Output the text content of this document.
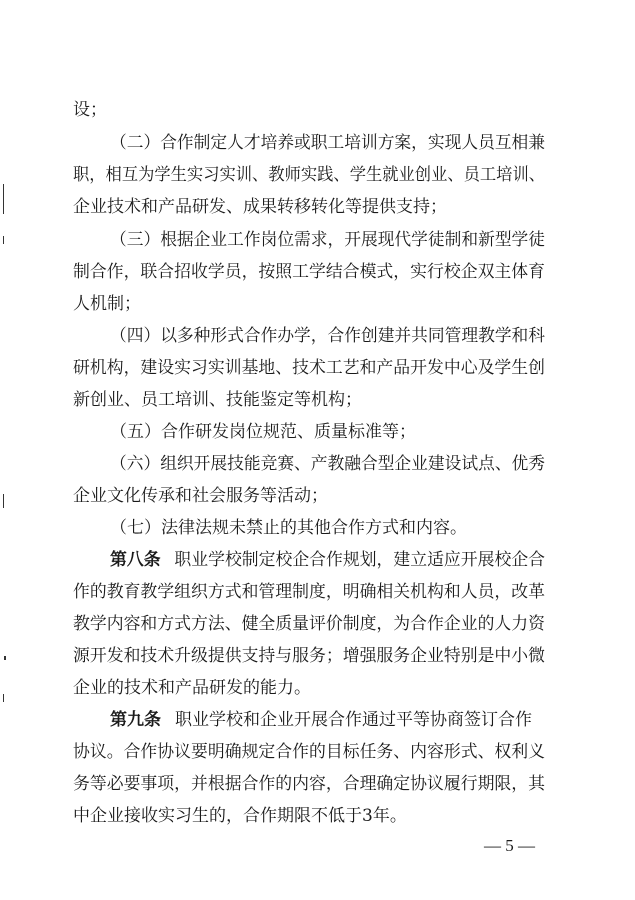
设；
（二）合作制定人才培养或职工培训方案，实现人员互相兼
职，相互为学生实习实训、教师实践、学生就业创业、员工培训、
企业技术和产品研发、成果转移转化等提供支持；
（三）根据企业工作岗位需求，开展现代学徒制和新型学徒
制合作，联合招收学员，按照工学结合模式，实行校企双主体育
人机制；
（四）以多种形式合作办学，合作创建并共同管理教学和科
研机构，建设实习实训基地、技术工艺和产品开发中心及学生创
新创业、员工培训、技能鉴定等机构；
（五）合作研发岗位规范、质量标准等；
（六）组织开展技能竞赛、产教融合型企业建设试点、优秀
企业文化传承和社会服务等活动；
（七）法律法规未禁止的其他合作方式和内容。
第八条 职业学校制定校企合作规划，建立适应开展校企合
作的教育教学组织方式和管理制度，明确相关机构和人员，改革
教学内容和方式方法、健全质量评价制度，为合作企业的人力资
源开发和技术升级提供支持与服务；增强服务企业特别是中小微
企业的技术和产品研发的能力。
第九条 职业学校和企业开展合作通过平等协商签订合作
协议。合作协议要明确规定合作的目标任务、内容形式、权利义
务等必要事项，并根据合作的内容，合理确定协议履行期限，其
中企业接收实习生的，合作期限不低于3年。
— 5 —
